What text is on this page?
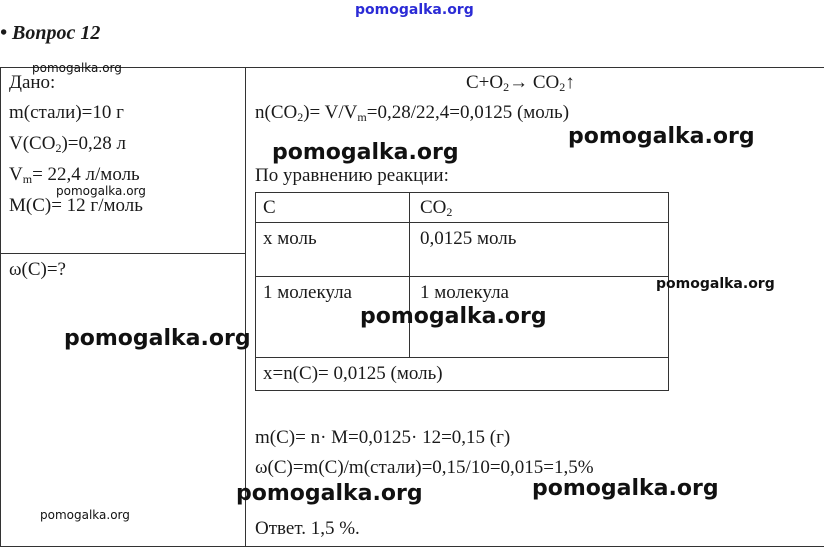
pomogalka.org
• Вопрос 12
Дано:
m(стали)=10 г
$V(CO_2)=0,28$ л
$V_m= 22,4$ л/моль
M(C)= 12 г/моль
ω(C)=?
$C+O_2\to$ $CO_2↑$
$n(CO_2)= V/V_m=0,28/22,4=0,0125$ (моль)
По уравнению реакции:
C	$CO_2$
х моль	0,0125 моль
1 молекула	1 молекула
x=n(C)= 0,0125 (моль)
m(C)= n· M=0,0125· 12=0,15 (г)
ω(C)=m(C)/m(стали)=0,15/10=0,015=1,5%
Ответ. 1,5 %.
pomogalka.org
pomogalka.org
pomogalka.org
pomogalka.org
pomogalka.org
pomogalka.org
pomogalka.org
pomogalka.org
pomogalka.org	pomogalka.org
